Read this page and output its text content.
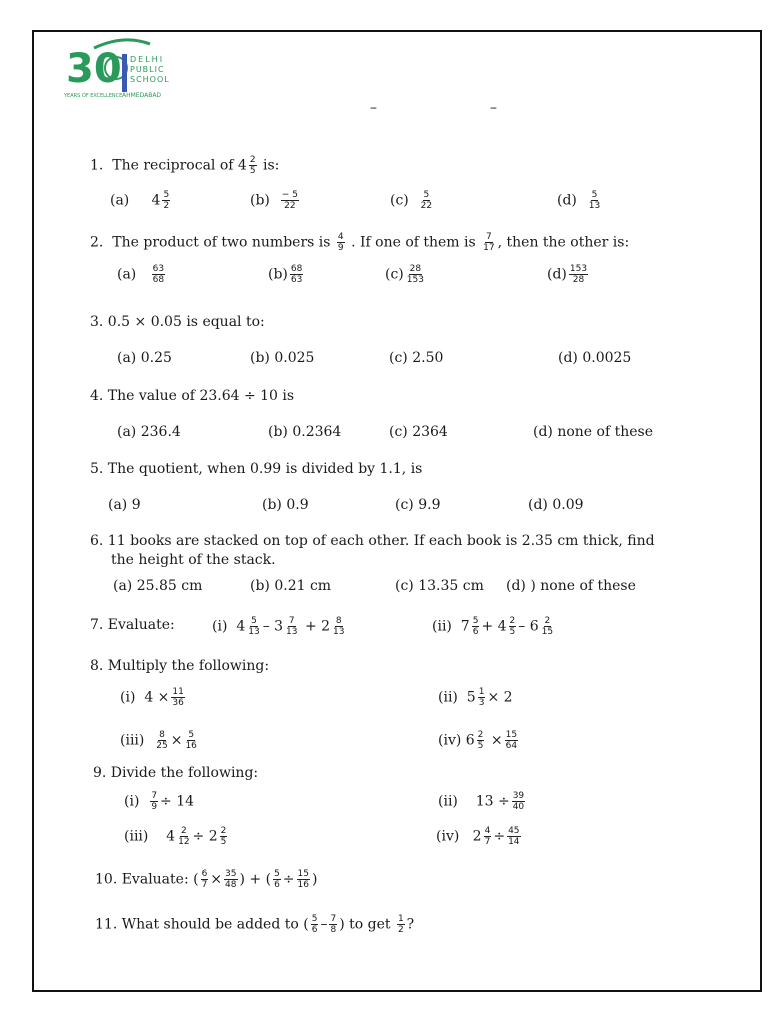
30
YEARS OF EXCELLENCE
DELHI
PUBLIC
SCHOOL
AHMEDABAD
–	–
1. The reciprocal of $4 \frac{2}{5}$ is:
(a) $4 \frac{5}{2}$	$(b) \frac{- 5}{22}$	$(c) \frac{5}{22}$	$(d) \frac{5}{13}$
2. The product of two numbers is $\frac{4}{9}$ . If one of them is $\frac{7}{17}$ , then the other is:
$(a) \frac{63}{68}$	$(b) \frac{68}{63}$	$(c) \frac{28}{153}$	$(d) \frac{153}{28}$
3. 0.5 × 0.05 is equal to:
(a) 0.25	(b) 0.025	(c) 2.50	(d) 0.0025
4. The value of 23.64 ÷ 10 is
(a) 236.4	(b) 0.2364	(c) 2364	(d) none of these
5. The quotient, when 0.99 is divided by 1.1, is
(a) 9	(b) 0.9	(c) 9.9	(d) 0.09
6. 11 books are stacked on top of each other. If each book is 2.35 cm thick, find
the height of the stack.
(a) 25.85 cm	(b) 0.21 cm	(c) 13.35 cm (d) ) none of these
7. Evaluate:	(i) $4 \frac{5}{13} - 3 \frac{7}{13} + 2 \frac{8}{13}$	(ii) $7 \frac{5}{6} + 4 \frac{2}{5} - 6 \frac{2}{15}$
8. Multiply the following:
(i) $4 \times \frac{11}{36}$	(ii) $5 \frac{1}{3} \times 2$
$(iii) \frac{8}{25} \times \frac{5}{16}$	(iv) $6 \frac{2}{5} \times \frac{15}{64}$
9. Divide the following:
$(i) \frac{7}{9} \div 14$	(ii) $13 \div \frac{39}{40}$
(iii) $4 \frac{2}{12} \div 2 \frac{2}{5}$	(iv) $2 \frac{4}{7} \div \frac{45}{14}$
10. Evaluate: ( $\frac{6}{7} \times \frac{35}{48}$ ) + ( $\frac{5}{6} \div \frac{15}{16}$ )
11. What should be added to ( $\frac{5}{6} - \frac{7}{8}$ ) to get $\frac{1}{2}$ ?
